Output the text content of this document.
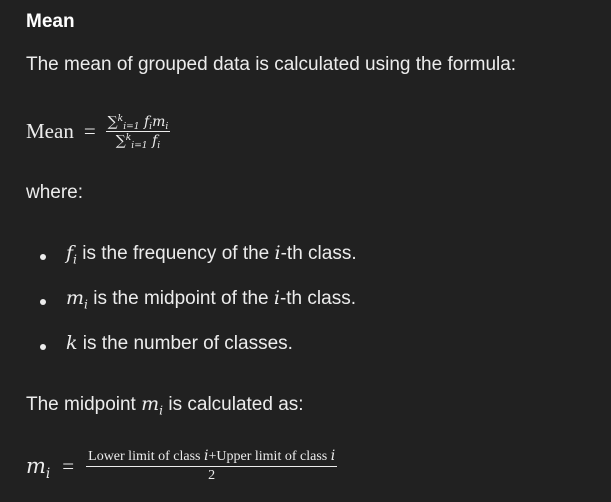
Mean
The mean of grouped data is calculated using the formula:
Mean = $\frac{\sum^k_{i=1} f_im_i}{\sum^k_{i=1} f_i}$
where:
$f_i$ is the frequency of the i-th class.
$m_i$ is the midpoint of the i-th class.
k is the number of classes.
The midpoint $m_i$ is calculated as:
$m_i = \frac{\text{Lower limit of class i+Upper limit of class i}}{2}$
